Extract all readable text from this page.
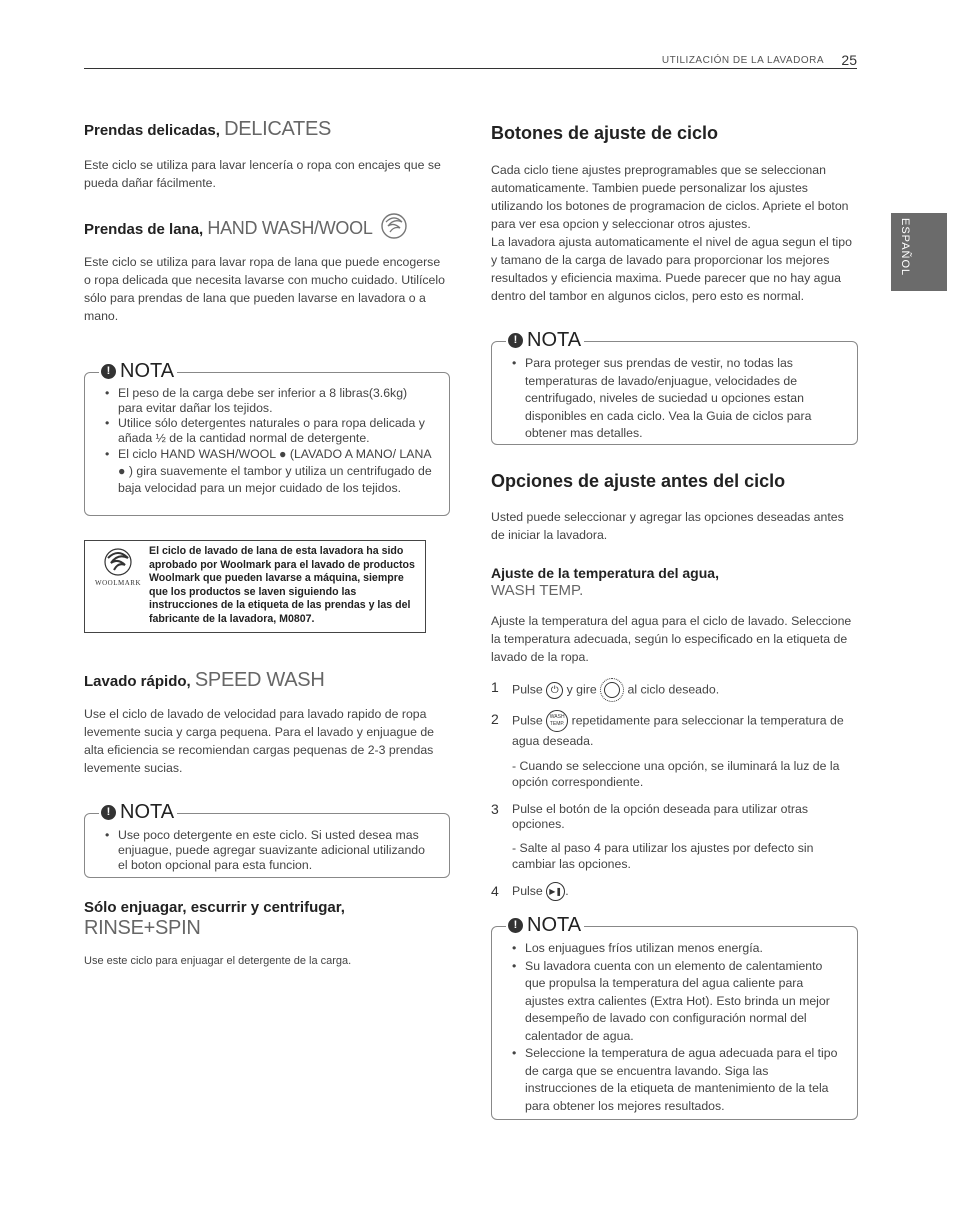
UTILIZACIÓN DE LA LAVADORA 25
ESPAÑOL
Prendas delicadas, DELICATES

Este ciclo se utiliza para lavar lencería o ropa con encajes que se pueda dañar fácilmente.

Prendas de lana, HAND WASH/WOOL

Este ciclo se utiliza para lavar ropa de lana que puede encogerse o ropa delicada que necesita lavarse con mucho cuidado. Utilícelo sólo para prendas de lana que pueden lavarse en lavadora o a mano.

! NOTA
• El peso de la carga debe ser inferior a 8 libras(3.6kg) para evitar dañar los tejidos.
• Utilice sólo detergentes naturales o para ropa delicada y añada ½ de la cantidad normal de detergente.
• El ciclo HAND WASH/WOOL ● (LAVADO A MANO/ LANA ● ) gira suavemente el tambor y utiliza un centrifugado de baja velocidad para un mejor cuidado de los tejidos.
WOOLMARK
El ciclo de lavado de lana de esta lavadora ha sido aprobado por Woolmark para el lavado de productos Woolmark que pueden lavarse a máquina, siempre que los productos se laven siguiendo las instrucciones de la etiqueta de las prendas y las del fabricante de la lavadora, M0807.
Lavado rápido, SPEED WASH

Use el ciclo de lavado de velocidad para lavado rapido de ropa levemente sucia y carga pequena. Para el lavado y enjuague de alta eficiencia se recomiendan cargas pequenas de 2-3 prendas levemente sucias.

! NOTA
• Use poco detergente en este ciclo. Si usted desea mas enjuague, puede agregar suavizante adicional utilizando el boton opcional para esta funcion.
Sólo enjuagar, escurrir y centrifugar,
RINSE+SPIN

Use este ciclo para enjuagar el detergente de la carga.

Botones de ajuste de ciclo

Cada ciclo tiene ajustes preprogramables que se seleccionan automaticamente. Tambien puede personalizar los ajustes utilizando los botones de programacion de ciclos. Apriete el boton para ver esa opcion y seleccionar otros ajustes.

La lavadora ajusta automaticamente el nivel de agua segun el tipo y tamano de la carga de lavado para proporcionar los mejores resultados y eficiencia maxima. Puede parecer que no hay agua dentro del tambor en algunos ciclos, pero esto es normal.

! NOTA
• Para proteger sus prendas de vestir, no todas las temperaturas de lavado/enjuague, velocidades de centrifugado, niveles de suciedad u opciones estan disponibles en cada ciclo. Vea la Guia de ciclos para obtener mas detalles.
Opciones de ajuste antes del ciclo

Usted puede seleccionar y agregar las opciones deseadas antes de iniciar la lavadora.

Ajuste de la temperatura del agua,
WASH TEMP.

Ajuste la temperatura del agua para el ciclo de lavado. Seleccione la temperatura adecuada, según lo especificado en la etiqueta de lavado de la ropa.

1 Pulse ⏻ y gire
al ciclo deseado.
2 Pulse WASH TEMP. repetidamente para seleccionar la temperatura de agua deseada.
- Cuando se seleccione una opción, se iluminará la luz de la opción correspondiente.
3 Pulse el botón de la opción deseada para utilizar otras opciones.
- Salte al paso 4 para utilizar los ajustes por defecto sin cambiar las opciones.
4 Pulse ▶❚ .
! NOTA
• Los enjuagues fríos utilizan menos energía.
• Su lavadora cuenta con un elemento de calentamiento que propulsa la temperatura del agua caliente para ajustes extra calientes (Extra Hot). Esto brinda un mejor desempeño de lavado con configuración normal del calentador de agua.
• Seleccione la temperatura de agua adecuada para el tipo de carga que se encuentra lavando. Siga las instrucciones de la etiqueta de mantenimiento de la tela para obtener los mejores resultados.
